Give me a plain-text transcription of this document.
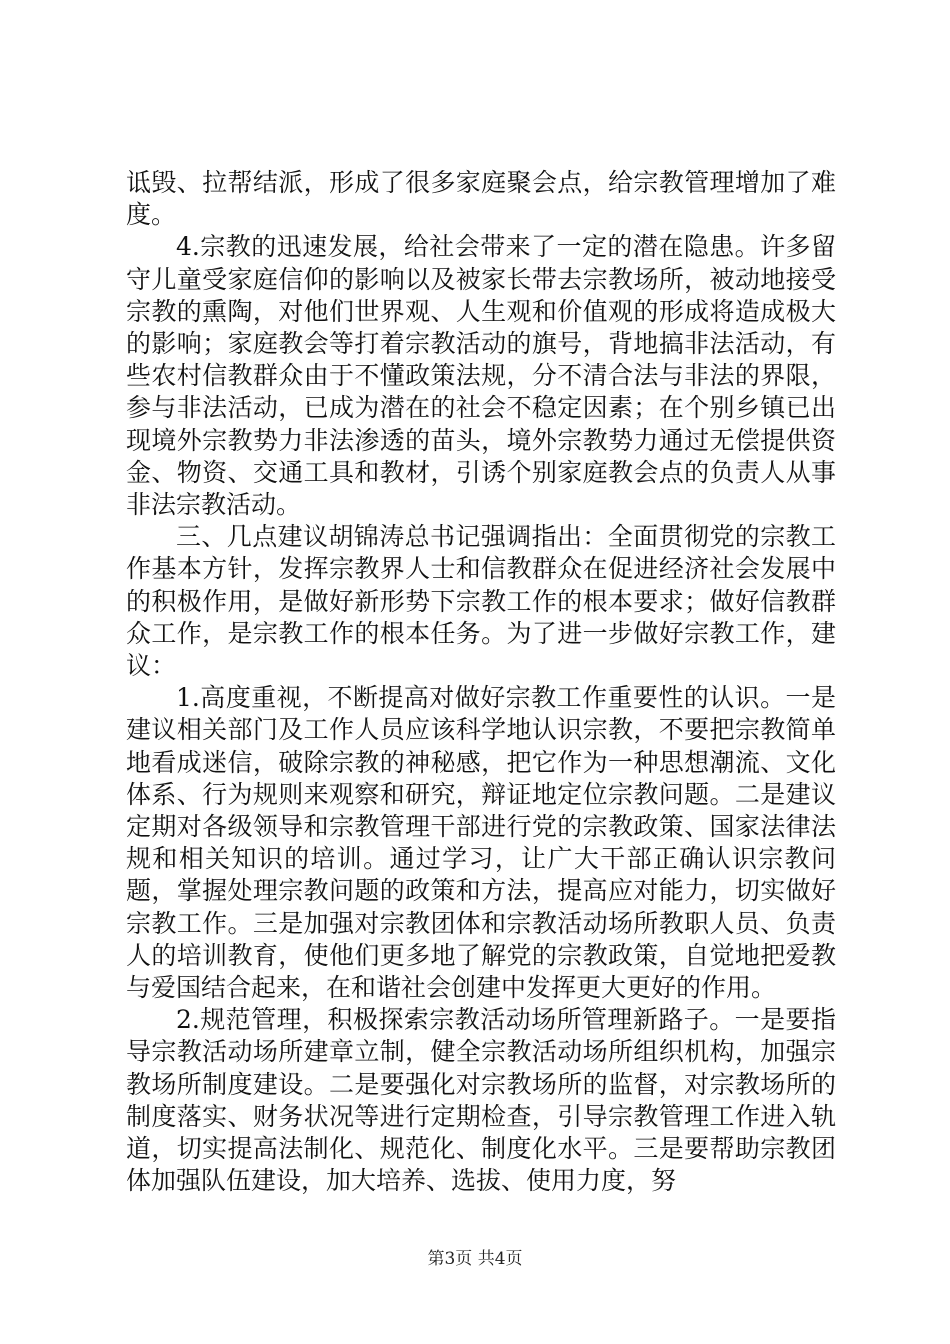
诋毁、拉帮结派，形成了很多家庭聚会点，给宗教管理增加了难度。

4.宗教的迅速发展，给社会带来了一定的潜在隐患。许多留守儿童受家庭信仰的影响以及被家长带去宗教场所，被动地接受宗教的熏陶，对他们世界观、人生观和价值观的形成将造成极大的影响；家庭教会等打着宗教活动的旗号，背地搞非法活动，有些农村信教群众由于不懂政策法规，分不清合法与非法的界限，参与非法活动，已成为潜在的社会不稳定因素；在个别乡镇已出现境外宗教势力非法渗透的苗头，境外宗教势力通过无偿提供资金、物资、交通工具和教材，引诱个别家庭教会点的负责人从事非法宗教活动。

三、几点建议胡锦涛总书记强调指出：全面贯彻党的宗教工作基本方针，发挥宗教界人士和信教群众在促进经济社会发展中的积极作用，是做好新形势下宗教工作的根本要求；做好信教群众工作，是宗教工作的根本任务。为了进一步做好宗教工作，建议：

1.高度重视，不断提高对做好宗教工作重要性的认识。一是建议相关部门及工作人员应该科学地认识宗教，不要把宗教简单地看成迷信，破除宗教的神秘感，把它作为一种思想潮流、文化体系、行为规则来观察和研究，辩证地定位宗教问题。二是建议定期对各级领导和宗教管理干部进行党的宗教政策、国家法律法规和相关知识的培训。通过学习，让广大干部正确认识宗教问题，掌握处理宗教问题的政策和方法，提高应对能力，切实做好宗教工作。三是加强对宗教团体和宗教活动场所教职人员、负责人的培训教育，使他们更多地了解党的宗教政策，自觉地把爱教与爱国结合起来，在和谐社会创建中发挥更大更好的作用。

2.规范管理，积极探索宗教活动场所管理新路子。一是要指导宗教活动场所建章立制，健全宗教活动场所组织机构，加强宗教场所制度建设。二是要强化对宗教场所的监督，对宗教场所的制度落实、财务状况等进行定期检查，引导宗教管理工作进入轨道，切实提高法制化、规范化、制度化水平。三是要帮助宗教团体加强队伍建设，加大培养、选拔、使用力度，努

第3页 共4页
